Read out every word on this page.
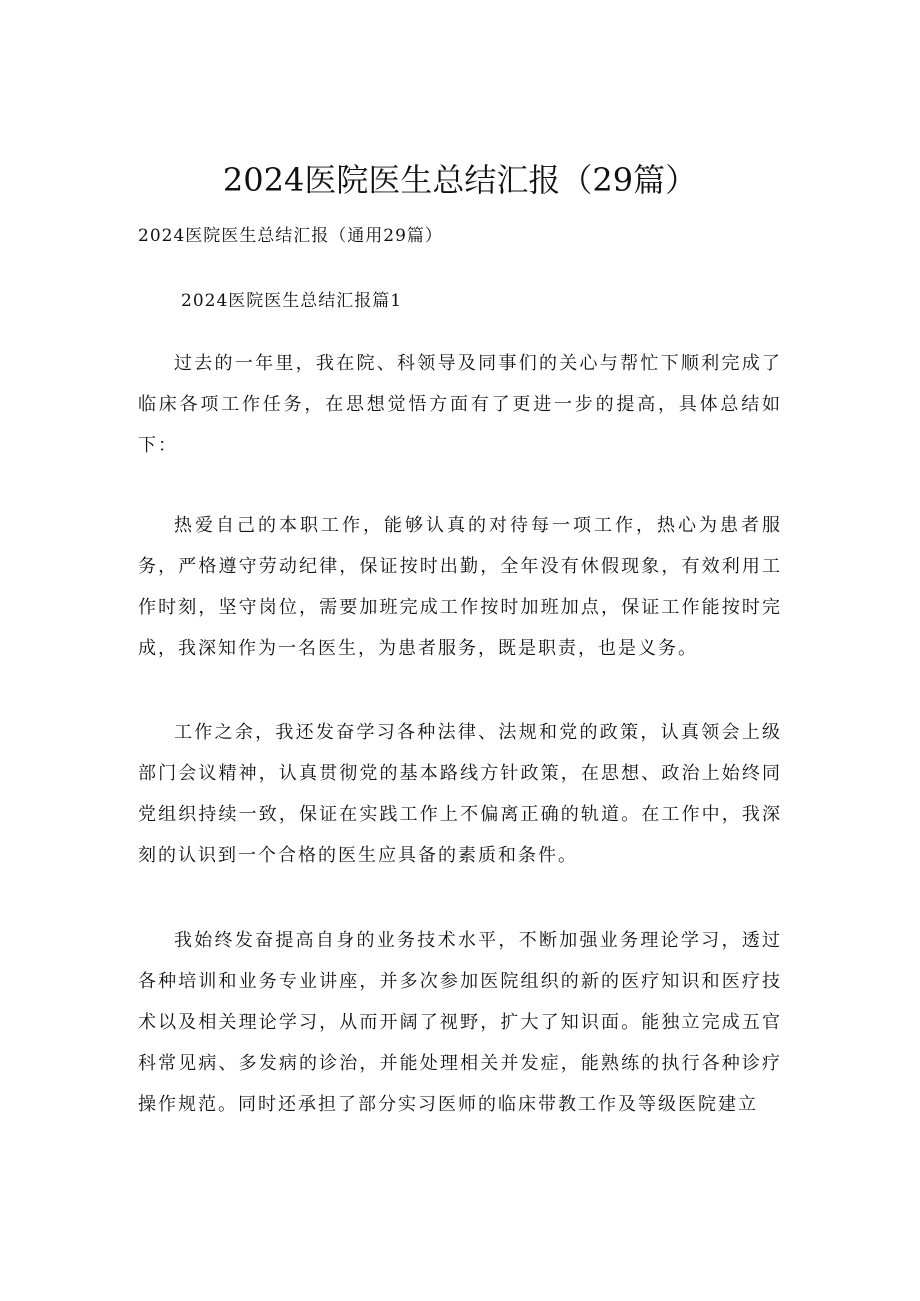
2024医院医生总结汇报（29篇）

2024医院医生总结汇报（通用29篇）

2024医院医生总结汇报篇1

过去的一年里，我在院、科领导及同事们的关心与帮忙下顺利完成了临床各项工作任务，在思想觉悟方面有了更进一步的提高，具体总结如下：

热爱自己的本职工作，能够认真的对待每一项工作，热心为患者服务，严格遵守劳动纪律，保证按时出勤，全年没有休假现象，有效利用工作时刻，坚守岗位，需要加班完成工作按时加班加点，保证工作能按时完成，我深知作为一名医生，为患者服务，既是职责，也是义务。

工作之余，我还发奋学习各种法律、法规和党的政策，认真领会上级部门会议精神，认真贯彻党的基本路线方针政策，在思想、政治上始终同党组织持续一致，保证在实践工作上不偏离正确的轨道。在工作中，我深刻的认识到一个合格的医生应具备的素质和条件。

我始终发奋提高自身的业务技术水平，不断加强业务理论学习，透过各种培训和业务专业讲座，并多次参加医院组织的新的医疗知识和医疗技术以及相关理论学习，从而开阔了视野，扩大了知识面。能独立完成五官科常见病、多发病的诊治，并能处理相关并发症，能熟练的执行各种诊疗操作规范。同时还承担了部分实习医师的临床带教工作及等级医院建立
